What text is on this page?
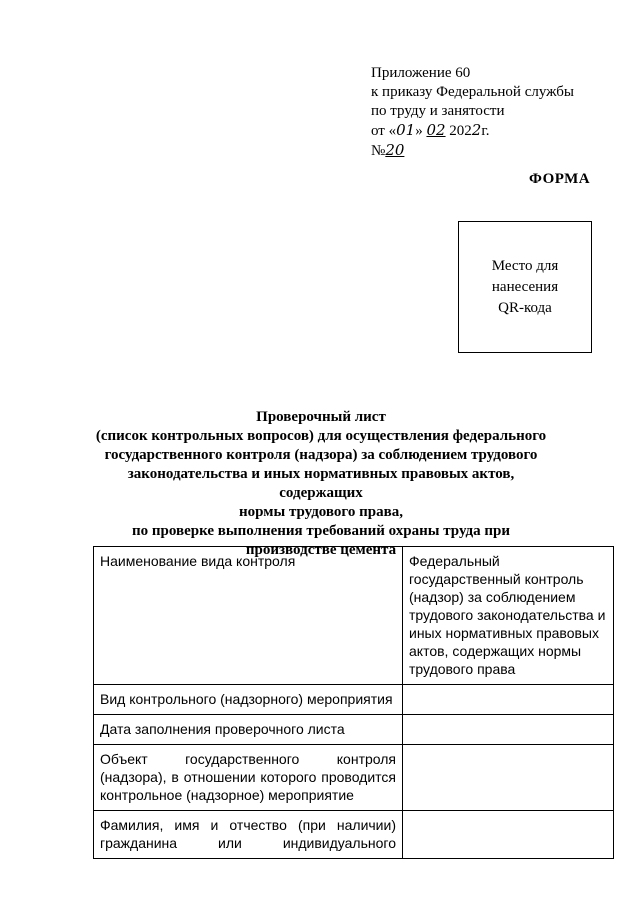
Приложение 60
к приказу Федеральной службы
по труду и занятости
от «01» 02 2022г.
№20
ФОРМА
Место для
нанесения
QR-кода
Проверочный лист
(список контрольных вопросов) для осуществления федерального
государственного контроля (надзора) за соблюдением трудового
законодательства и иных нормативных правовых актов, содержащих
нормы трудового права,
по проверке выполнения требований охраны труда при
производстве цемента
Наименование вида контроля	Федеральный государственный контроль (надзор) за соблюдением трудового законодательства и иных нормативных правовых актов, содержащих нормы трудового права
Вид контрольного (надзорного) мероприятия	
Дата заполнения проверочного листа	
Объект государственного контроля (надзора), в отношении которого проводится контрольное (надзорное) мероприятие	
Фамилия, имя и отчество (при наличии) гражданина или индивидуального	
